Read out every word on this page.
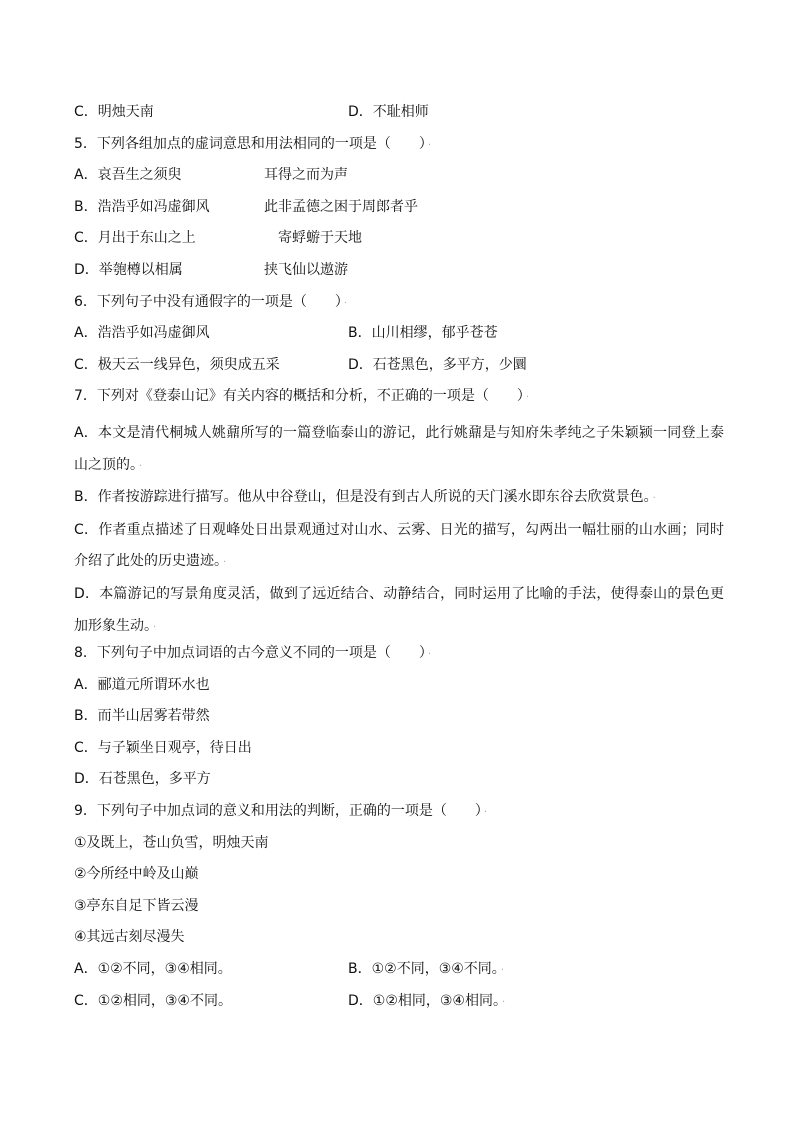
C．明烛天南	D．不耻相师
5．下列各组加点的虚词意思和用法相同的一项是（　　） ·
A．哀吾生之须臾	耳得之而为声
B．浩浩乎如冯虚御风	此非孟德之困于周郎者乎
C．月出于东山之上	寄蜉蝣于天地
D．举匏樽以相属	挟飞仙以遨游
6．下列句子中没有通假字的一项是（　　） ·
A．浩浩乎如冯虚御风	B．山川相缪，郁乎苍苍
C．极天云一线异色，须臾成五采	D．石苍黑色，多平方，少圜
7．下列对《登泰山记》有关内容的概括和分析，不正确的一项是（　　） ·

A．本文是清代桐城人姚鼐所写的一篇登临泰山的游记，此行姚鼐是与知府朱孝纯之子朱颖颍一同登上泰山之顶的。 ·

B．作者按游踪进行描写。他从中谷登山，但是没有到古人所说的天门溪水即东谷去欣赏景色。 ·

C．作者重点描述了日观峰处日出景观通过对山水、云雾、日光的描写，勾两出一幅壮丽的山水画；同时介绍了此处的历史遗迹。 ·

D．本篇游记的写景角度灵活，做到了远近结合、动静结合，同时运用了比喻的手法，使得泰山的景色更加形象生动。 ·

8．下列句子中加点词语的古今意义不同的一项是（　　） ·
A．郦道元所谓环水也
B．而半山居雾若带然
C．与子颖坐日观亭，待日出
D．石苍黑色，多平方
9．下列句子中加点词的意义和用法的判断，正确的一项是（　　） ·
①及既上，苍山负雪，明烛天南
②今所经中岭及山巅
③亭东自足下皆云漫
④其远古刻尽漫失
A．①②不同，③④相同。	B．①②不同，③④不同。 ·
C．①②相同，③④不同。	D．①②相同，③④相同。 ·
